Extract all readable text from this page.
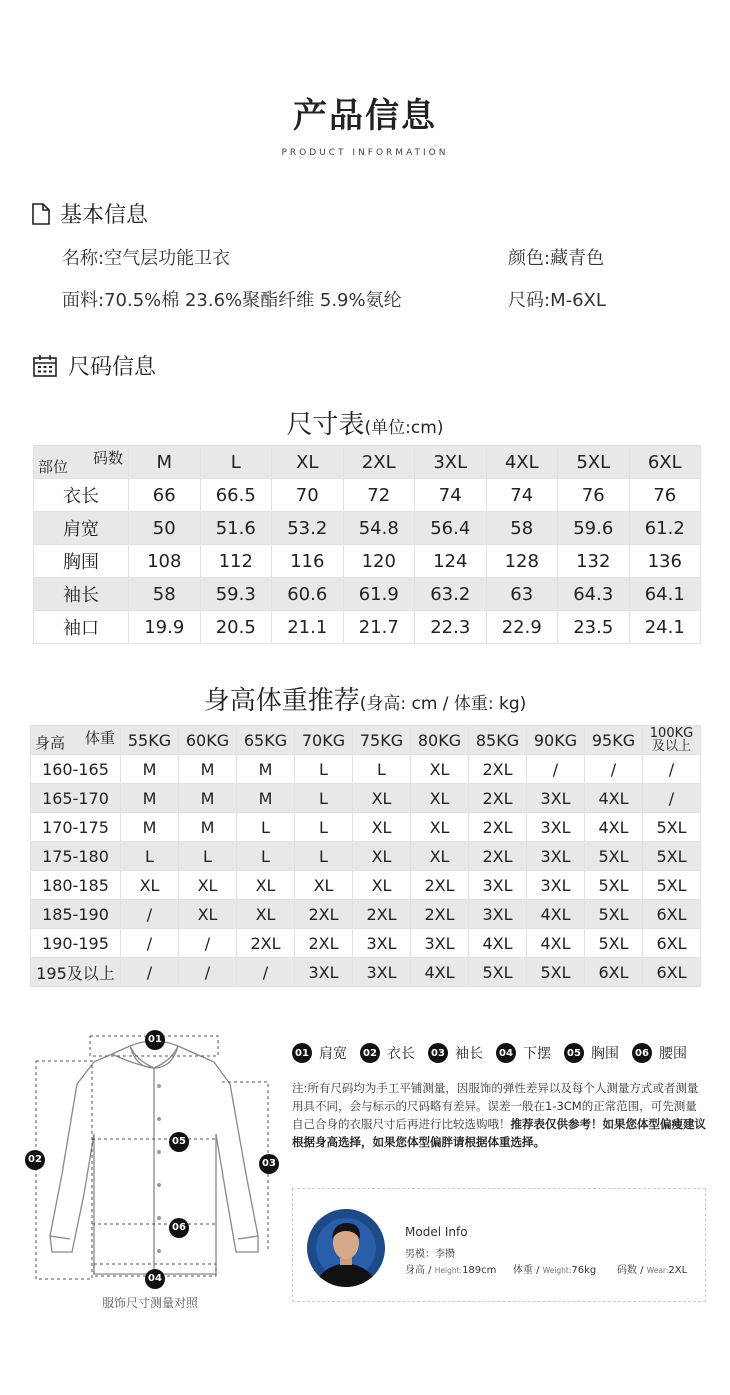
产品信息
PRODUCT INFORMATION
基本信息
名称:空气层功能卫衣	颜色:藏青色
面料:70.5%棉 23.6%聚酯纤维 5.9%氨纶	尺码:M-6XL
尺码信息
尺寸表(单位:cm)
码数
部位	M	L	XL	2XL	3XL	4XL	5XL	6XL
衣长	66	66.5	70	72	74	74	76	76
肩宽	50	51.6	53.2	54.8	56.4	58	59.6	61.2
胸围	108	112	116	120	124	128	132	136
袖长	58	59.3	60.6	61.9	63.2	63	64.3	64.1
袖口	19.9	20.5	21.1	21.7	22.3	22.9	23.5	24.1
身高体重推荐(身高: cm / 体重: kg)
体重
身高	55KG	60KG	65KG	70KG	75KG	80KG	85KG	90KG	95KG	100KG及以上
160-165	M	M	M	L	L	XL	2XL	/	/	/
165-170	M	M	M	L	XL	XL	2XL	3XL	4XL	/
170-175	M	M	L	L	XL	XL	2XL	3XL	4XL	5XL
175-180	L	L	L	L	XL	XL	2XL	3XL	5XL	5XL
180-185	XL	XL	XL	XL	XL	2XL	3XL	3XL	5XL	5XL
185-190	/	XL	XL	2XL	2XL	2XL	3XL	4XL	5XL	6XL
190-195	/	/	2XL	2XL	3XL	3XL	4XL	4XL	5XL	6XL
195及以上	/	/	/	3XL	3XL	4XL	5XL	5XL	6XL	6XL
01
02	03
04
05
06
服饰尺寸测量对照
01 肩宽	02 衣长	03 袖长	04 下摆	05 胸围	06 腰围
注:所有尺码均为手工平铺测量，因服饰的弹性差异以及每个人测量方式或者测量用具不同，会与标示的尺码略有差异。误差一般在1-3CM的正常范围，可先测量自己合身的衣服尺寸后再进行比较选购哦！推荐表仅供参考！如果您体型偏瘦建议根据身高选择，如果您体型偏胖请根据体重选择。
Model Info
男模：李攒
身高 / Height:189cm 体重 / Weight:76kg 码数 / Wear:2XL
